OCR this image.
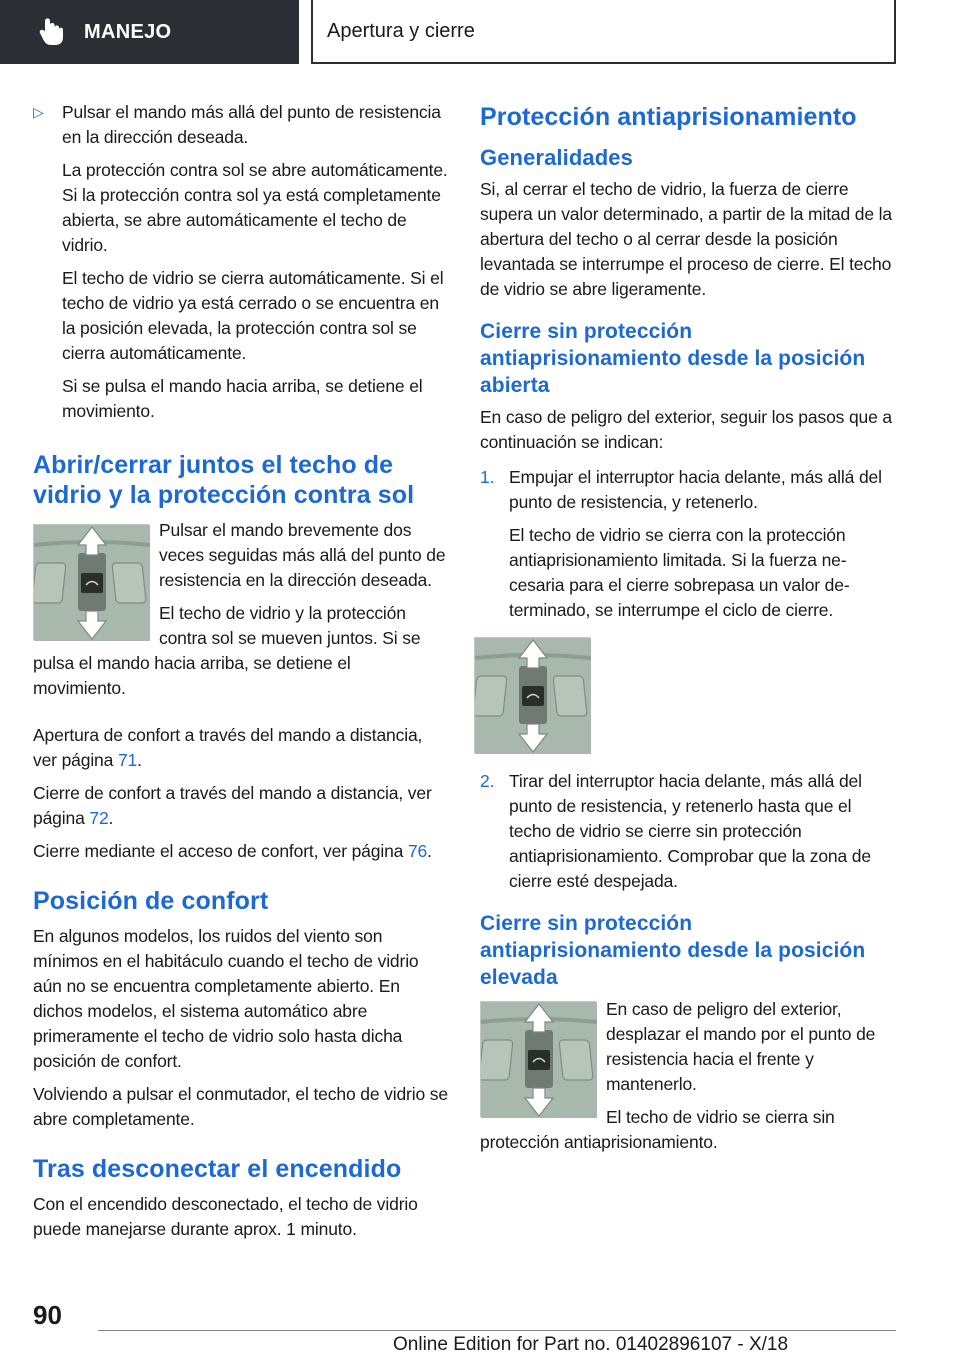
MANEJO	Apertura y cierre

▷ Pulsar el mando más allá del punto de resistencia en la dirección deseada.

La protección contra sol se abre automáticamente. Si la protección contra sol ya está completamente abierta, se abre automáticamente el techo de vidrio.

El techo de vidrio se cierra automáticamente. Si el techo de vidrio ya está cerrado o se encuentra en la posición elevada, la protección contra sol se cierra automáticamente.

Si se pulsa el mando hacia arriba, se detiene el movimiento.

Abrir/cerrar juntos el techo de vidrio y la protección contra sol

Pulsar el mando brevemente dos veces seguidas más allá del punto de resistencia en la dirección deseada.

El techo de vidrio y la protección contra sol se mueven juntos. Si se pulsa el mando hacia arriba, se detiene el movimiento.

Apertura de confort a través del mando a distancia, ver página 71.

Cierre de confort a través del mando a distancia, ver página 72.

Cierre mediante el acceso de confort, ver página 76.

Posición de confort

En algunos modelos, los ruidos del viento son mínimos en el habitáculo cuando el techo de vidrio aún no se encuentra completamente abierto. En dichos modelos, el sistema automático abre primeramente el techo de vidrio solo hasta dicha posición de confort.

Volviendo a pulsar el conmutador, el techo de vidrio se abre completamente.

Tras desconectar el encendido

Con el encendido desconectado, el techo de vidrio puede manejarse durante aprox. 1 minuto.

Protección antiaprisionamiento
Generalidades

Si, al cerrar el techo de vidrio, la fuerza de cierre supera un valor determinado, a partir de la mitad de la abertura del techo o al cerrar desde la posición levantada se interrumpe el proceso de cierre. El techo de vidrio se abre ligeramente.

Cierre sin protección antiaprisionamiento desde la posición abierta

En caso de peligro del exterior, seguir los pasos que a continuación se indican:

1. Empujar el interruptor hacia delante, más allá del punto de resistencia, y retenerlo.

El techo de vidrio se cierra con la protección antiaprisionamiento limitada. Si la fuerza necesaria para el cierre sobrepasa un valor determinado, se interrumpe el ciclo de cierre.

2. Tirar del interruptor hacia delante, más allá del punto de resistencia, y retenerlo hasta que el techo de vidrio se cierre sin protección antiaprisionamiento. Comprobar que la zona de cierre esté despejada.

Cierre sin protección antiaprisionamiento desde la posición elevada

En caso de peligro del exterior, desplazar el mando por el punto de resistencia hacia el frente y mantenerlo.

El techo de vidrio se cierra sin protección antiaprisionamiento.

90
Online Edition for Part no. 01402896107 - X/18
